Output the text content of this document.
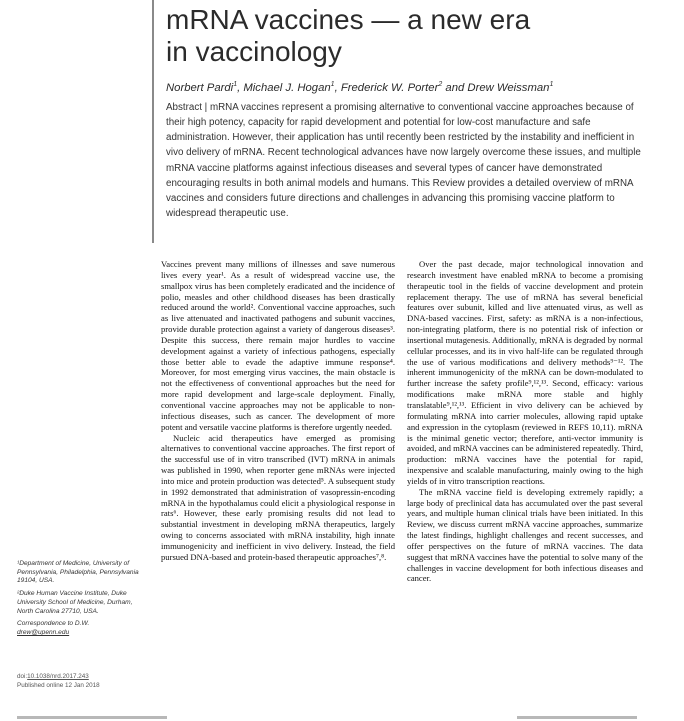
mRNA vaccines — a new era
in vaccinology
Norbert Pardi$^1$, Michael J. Hogan$^1$, Frederick W. Porter$^2$ and Drew Weissman$^1$
Abstract | mRNA vaccines represent a promising alternative to conventional vaccine approaches because of their high potency, capacity for rapid development and potential for low-cost manufacture and safe administration. However, their application has until recently been restricted by the instability and inefficient in vivo delivery of mRNA. Recent technological advances have now largely overcome these issues, and multiple mRNA vaccine platforms against infectious diseases and several types of cancer have demonstrated encouraging results in both animal models and humans. This Review provides a detailed overview of mRNA vaccines and considers future directions and challenges in advancing this promising vaccine platform to widespread therapeutic use.

Vaccines prevent many millions of illnesses and save numerous lives every year¹. As a result of widespread vaccine use, the smallpox virus has been completely eradicated and the incidence of polio, measles and other childhood diseases has been drastically reduced around the world². Conventional vaccine approaches, such as live attenuated and inactivated pathogens and subunit vaccines, provide durable protection against a variety of dangerous diseases³. Despite this success, there remain major hurdles to vaccine development against a variety of infectious pathogens, especially those better able to evade the adaptive immune response⁴. Moreover, for most emerging virus vaccines, the main obstacle is not the effectiveness of conventional approaches but the need for more rapid development and large-scale deployment. Finally, conventional vaccine approaches may not be applicable to non-infectious diseases, such as cancer. The development of more potent and versatile vaccine platforms is therefore urgently needed.

Nucleic acid therapeutics have emerged as promising alternatives to conventional vaccine approaches. The first report of the successful use of in vitro transcribed (IVT) mRNA in animals was published in 1990, when reporter gene mRNAs were injected into mice and protein production was detected⁵. A subsequent study in 1992 demonstrated that administration of vasopressin-encoding mRNA in the hypothalamus could elicit a physiological response in rats⁶. However, these early promising results did not lead to substantial investment in developing mRNA therapeutics, largely owing to concerns associated with mRNA instability, high innate immunogenicity and inefficient in vivo delivery. Instead, the field pursued DNA-based and protein-based therapeutic approaches⁷,⁸.

Over the past decade, major technological innovation and research investment have enabled mRNA to become a promising therapeutic tool in the fields of vaccine development and protein replacement therapy. The use of mRNA has several beneficial features over subunit, killed and live attenuated virus, as well as DNA-based vaccines. First, safety: as mRNA is a non-infectious, non-integrating platform, there is no potential risk of infection or insertional mutagenesis. Additionally, mRNA is degraded by normal cellular processes, and its in vivo half-life can be regulated through the use of various modifications and delivery methods⁹⁻¹². The inherent immunogenicity of the mRNA can be down-modulated to further increase the safety profile⁹,¹²,¹³. Second, efficacy: various modifications make mRNA more stable and highly translatable⁹,¹²,¹³. Efficient in vivo delivery can be achieved by formulating mRNA into carrier molecules, allowing rapid uptake and expression in the cytoplasm (reviewed in REFS 10,11). mRNA is the minimal genetic vector; therefore, anti-vector immunity is avoided, and mRNA vaccines can be administered repeatedly. Third, production: mRNA vaccines have the potential for rapid, inexpensive and scalable manufacturing, mainly owing to the high yields of in vitro transcription reactions.

The mRNA vaccine field is developing extremely rapidly; a large body of preclinical data has accumulated over the past several years, and multiple human clinical trials have been initiated. In this Review, we discuss current mRNA vaccine approaches, summarize the latest findings, highlight challenges and recent successes, and offer perspectives on the future of mRNA vaccines. The data suggest that mRNA vaccines have the potential to solve many of the challenges in vaccine development for both infectious diseases and cancer.

¹Department of Medicine, University of Pennsylvania, Philadelphia, Pennsylvania 19104, USA.

²Duke Human Vaccine Institute, Duke University School of Medicine, Durham, North Carolina 27710, USA.

Correspondence to D.W.
drew@upenn.edu

doi:10.1038/nrd.2017.243
Published online 12 Jan 2018
